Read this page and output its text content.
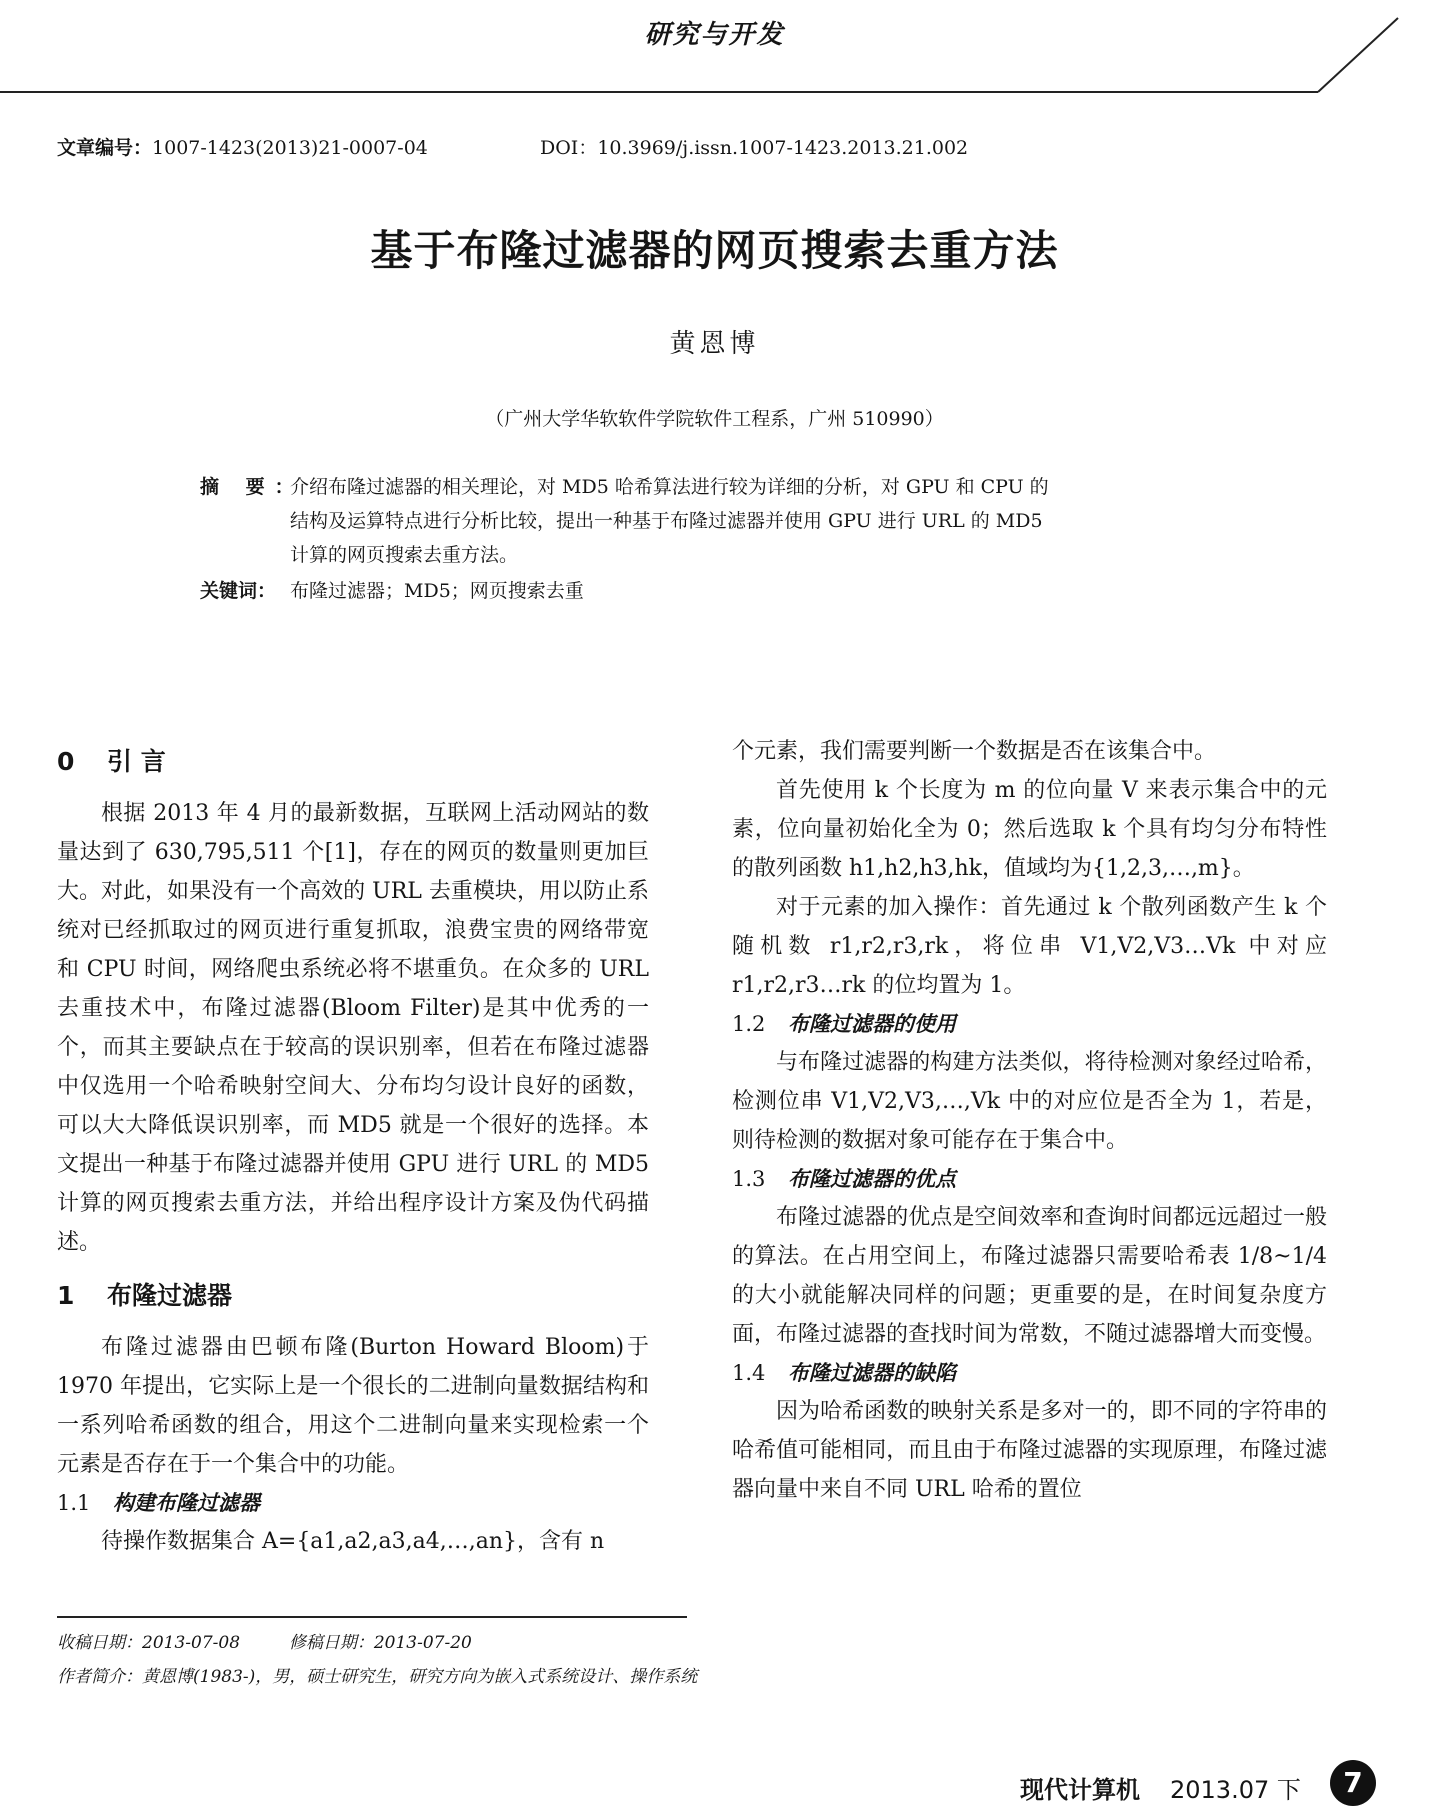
研究与开发
文章编号：1007-1423(2013)21-0007-04	DOI：10.3969/j.issn.1007-1423.2013.21.002
基于布隆过滤器的网页搜索去重方法
黄恩博
（广州大学华软软件学院软件工程系，广州 510990）
摘 要：
介绍布隆过滤器的相关理论，对 MD5 哈希算法进行较为详细的分析，对 GPU 和 CPU 的
结构及运算特点进行分析比较，提出一种基于布隆过滤器并使用 GPU 进行 URL 的 MD5
计算的网页搜索去重方法。
关键词： 布隆过滤器；MD5；网页搜索去重
0 引 言

根据 2013 年 4 月的最新数据，互联网上活动网站的数量达到了 630,795,511 个[1]，存在的网页的数量则更加巨大。对此，如果没有一个高效的 URL 去重模块，用以防止系统对已经抓取过的网页进行重复抓取，浪费宝贵的网络带宽和 CPU 时间，网络爬虫系统必将不堪重负。在众多的 URL 去重技术中，布隆过滤器(Bloom Filter)是其中优秀的一个，而其主要缺点在于较高的误识别率，但若在布隆过滤器中仅选用一个哈希映射空间大、分布均匀设计良好的函数，可以大大降低误识别率，而 MD5 就是一个很好的选择。本文提出一种基于布隆过滤器并使用 GPU 进行 URL 的 MD5 计算的网页搜索去重方法，并给出程序设计方案及伪代码描述。

1 布隆过滤器

布隆过滤器由巴顿布隆(Burton Howard Bloom)于 1970 年提出，它实际上是一个很长的二进制向量数据结构和一系列哈希函数的组合，用这个二进制向量来实现检索一个元素是否存在于一个集合中的功能。

1.1 构建布隆过滤器

待操作数据集合 A={a1,a2,a3,a4,…,an}，含有 n

个元素，我们需要判断一个数据是否在该集合中。

首先使用 k 个长度为 m 的位向量 V 来表示集合中的元素，位向量初始化全为 0；然后选取 k 个具有均匀分布特性的散列函数 h1,h2,h3,hk，值域均为{1,2,3,…,m}。

对于元素的加入操作：首先通过 k 个散列函数产生 k 个随机数 r1,r2,r3,rk，将位串 V1,V2,V3…Vk 中对应 r1,r2,r3…rk 的位均置为 1。

1.2 布隆过滤器的使用

与布隆过滤器的构建方法类似，将待检测对象经过哈希，检测位串 V1,V2,V3,…,Vk 中的对应位是否全为 1，若是，则待检测的数据对象可能存在于集合中。

1.3 布隆过滤器的优点

布隆过滤器的优点是空间效率和查询时间都远远超过一般的算法。在占用空间上，布隆过滤器只需要哈希表 1/8~1/4 的大小就能解决同样的问题；更重要的是，在时间复杂度方面，布隆过滤器的查找时间为常数，不随过滤器增大而变慢。

1.4 布隆过滤器的缺陷

因为哈希函数的映射关系是多对一的，即不同的字符串的哈希值可能相同，而且由于布隆过滤器的实现原理，布隆过滤器向量中来自不同 URL 哈希的置位

收稿日期：2013-07-08	修稿日期：2013-07-20
作者简介：黄恩博(1983-)，男，硕士研究生，研究方向为嵌入式系统设计、操作系统
现代计算机 2013.07 下	7
